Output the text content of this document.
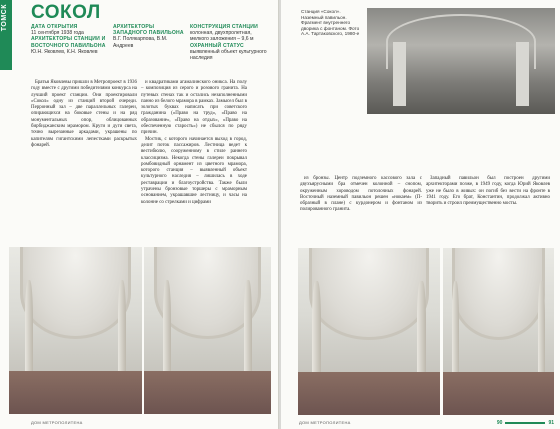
ТОМСК СОКОЛ
ДАТА ОТКРЫТИЯ
11 сентября 1938 года
АРХИТЕКТОРЫ СТАНЦИИ И ВОСТОЧНОГО ПАВИЛЬОНА
Ю.Н. Яковлев, К.Н. Яковлев
АРХИТЕКТОРЫ ЗАПАДНОГО ПАВИЛЬОНА
В.Г. Полякарпова, В.М. Андреев
КОНСТРУКЦИЯ СТАНЦИИ
колонная, двухпролетная, мелкого заложения – 9,6 м
ОХРАННЫЙ СТАТУС
выявленный объект культурного наследия

Братья Яковлевы пришли в Метропроект в 1936 году вместе с другими победителями конкурса на лучший проект станции. Они проектировали «Сокол» одну из станций второй очереди. Перронный зал – две параллельных галереи, опирающихся на боковые стены и на ряд монументальных опор, облицованных бирбиджанским мрамором. Круги и дуги света, точно вырезанные аркадами, украшены по капителям гигантскими лепестками раскрытых фонарей.

и квадратиками агамалинского оникса. На полу – композиция из серого и розового гранита. На путевых стенах так и остались незаполненными панно из белого мрамора в рамках. Замысел был в золотых буквах написать при советского гражданина («Право на труд», «Право на образование», «Право на отдых», «Право на обеспеченную старость») не сбылся по ряду причин.

Мостик, с которого начинается выход в город, делит поток пассажиров. Лестница ведет к вестибюлю, сооруженному в стиле раннего классицизма. Некогда стены галереи покрывал ромбовидный орнамент из цветного мрамора, которого станция – выявленный объект культурного наследия – лишилась в ходе реставрации и благоустройства. Также были утрачены бронзовые торшеры с мраморным основанием, украшавшие лестницу, и часы на колонне со стрелками и цифрами

ДОМ МЕТРОПОЛИТЕНА
Станция «Сокол». Наземный павильон. Фрагмент внутреннего дворика с фонтаном. Фото А.А. Тартаковского, 1980-е

из бронзы. Центр подземного кассового зала с двухъярусными бра отмечен колонной – снопом, окруженным хороводом потолочных фонарей. Восточный наземный павильон решен «нокаем» (П-образный в плане) с курдонером и фонтаном из полированного гранита.

Западный павильон был построен другими архитекторами позже, в 1949 году, когда Юрий Яковлев уже не было в живых: он погиб без вести на фронте в 1941 году. Его брат, Константин, продолжал активно творить и строил преимущественно мосты.

ДОМ МЕТРОПОЛИТЕНА	90	91
